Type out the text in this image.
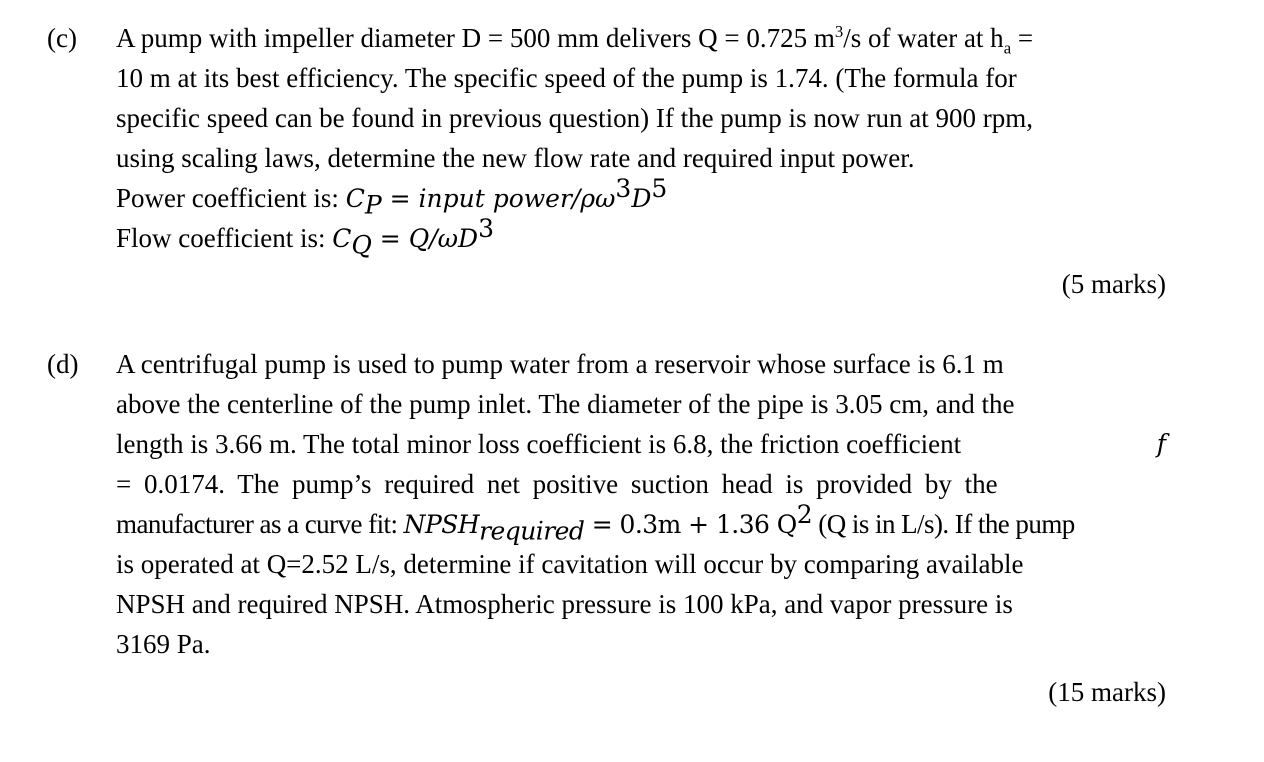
(c) A pump with impeller diameter D = 500 mm delivers Q = 0.725 $m^3/s$ of water at $h_a$ =
10 m at its best efficiency. The specific speed of the pump is 1.74. (The formula for
specific speed can be found in previous question) If the pump is now run at 900 rpm,
using scaling laws, determine the new flow rate and required input power.
Power coefficient is: $C_P$ = input power/$\rho\omega^3D^5$
Flow coefficient is: $C_Q = Q/\omega D^3$
(5 marks)
(d) A centrifugal pump is used to pump water from a reservoir whose surface is 6.1 m
above the centerline of the pump inlet. The diameter of the pipe is 3.05 cm, and the
length is 3.66 m. The total minor loss coefficient is 6.8, the friction coefficient	f
= 0.0174. The pump’s required net positive suction head is provided by the
manufacturer as a curve fit: $NPSH_{required} = 0.3m + 1.36$ $Q^2$ (Q is in L/s). If the pump
is operated at Q=2.52 L/s, determine if cavitation will occur by comparing available
NPSH and required NPSH. Atmospheric pressure is 100 kPa, and vapor pressure is
3169 Pa.
(15 marks)
